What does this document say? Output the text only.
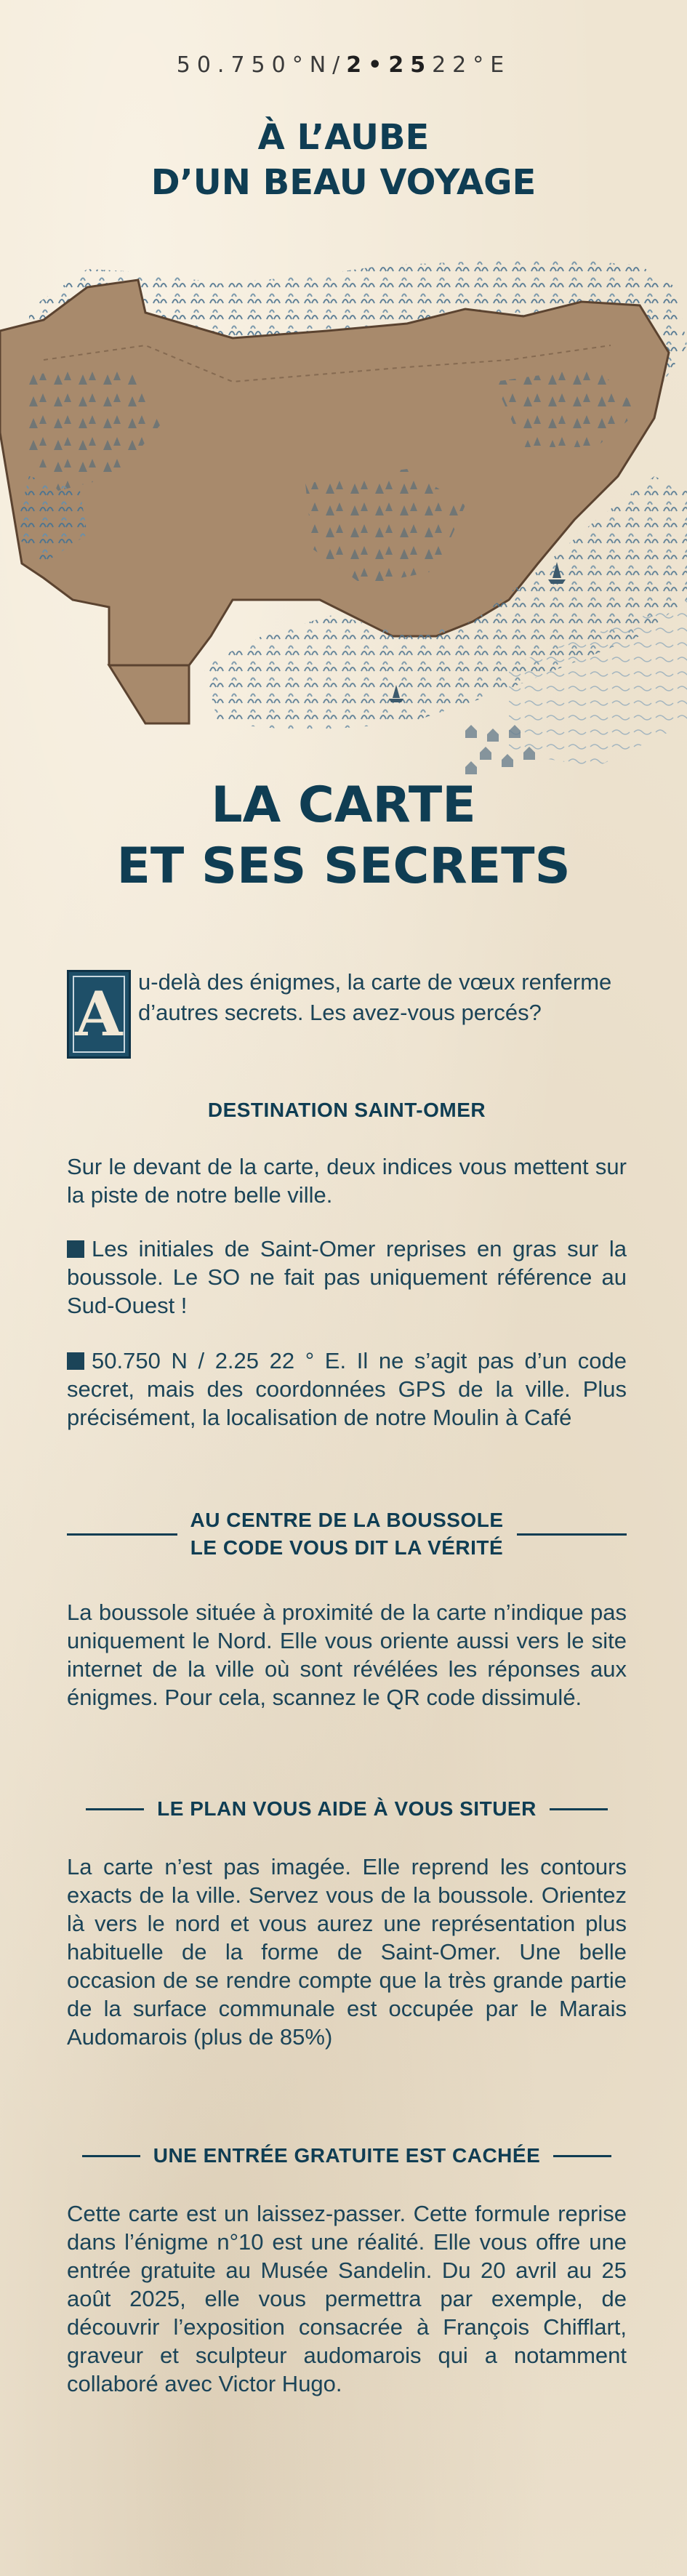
50.750°N/2•2522°E
À L’AUBE
D’UN BEAU VOYAGE
LA CARTE
ET SES SECRETS
A u-delà des énigmes, la carte de vœux renferme d’autres secrets. Les avez-vous percés?
DESTINATION SAINT-OMER

Sur le devant de la carte, deux indices vous mettent sur la piste de notre belle ville.

Les initiales de Saint-Omer reprises en gras sur la boussole. Le SO ne fait pas uniquement référence au Sud-Ouest !

50.750 N / 2.25 22 ° E. Il ne s’agit pas d’un code secret, mais des coordonnées GPS de la ville. Plus précisément, la localisation de notre Moulin à Café

AU CENTRE DE LA BOUSSOLE
LE CODE VOUS DIT LA VÉRITÉ

La boussole située à proximité de la carte n’indique pas uniquement le Nord. Elle vous oriente aussi vers le site internet de la ville où sont révélées les réponses aux énigmes. Pour cela, scannez le QR code dissimulé.

LE PLAN VOUS AIDE À VOUS SITUER

La carte n’est pas imagée. Elle reprend les contours exacts de la ville. Servez vous de la boussole. Orientez là vers le nord et vous aurez une représentation plus habituelle de la forme de Saint-Omer. Une belle occasion de se rendre compte que la très grande partie de la surface communale est occupée par le Marais Audomarois (plus de 85%)

UNE ENTRÉE GRATUITE EST CACHÉE

Cette carte est un laissez-passer. Cette formule reprise dans l’énigme n°10 est une réalité. Elle vous offre une entrée gratuite au Musée Sandelin. Du 20 avril au 25 août 2025, elle vous permettra par exemple, de découvrir l’exposition consacrée à François Chifflart, graveur et sculpteur audomarois qui a notamment collaboré avec Victor Hugo.
